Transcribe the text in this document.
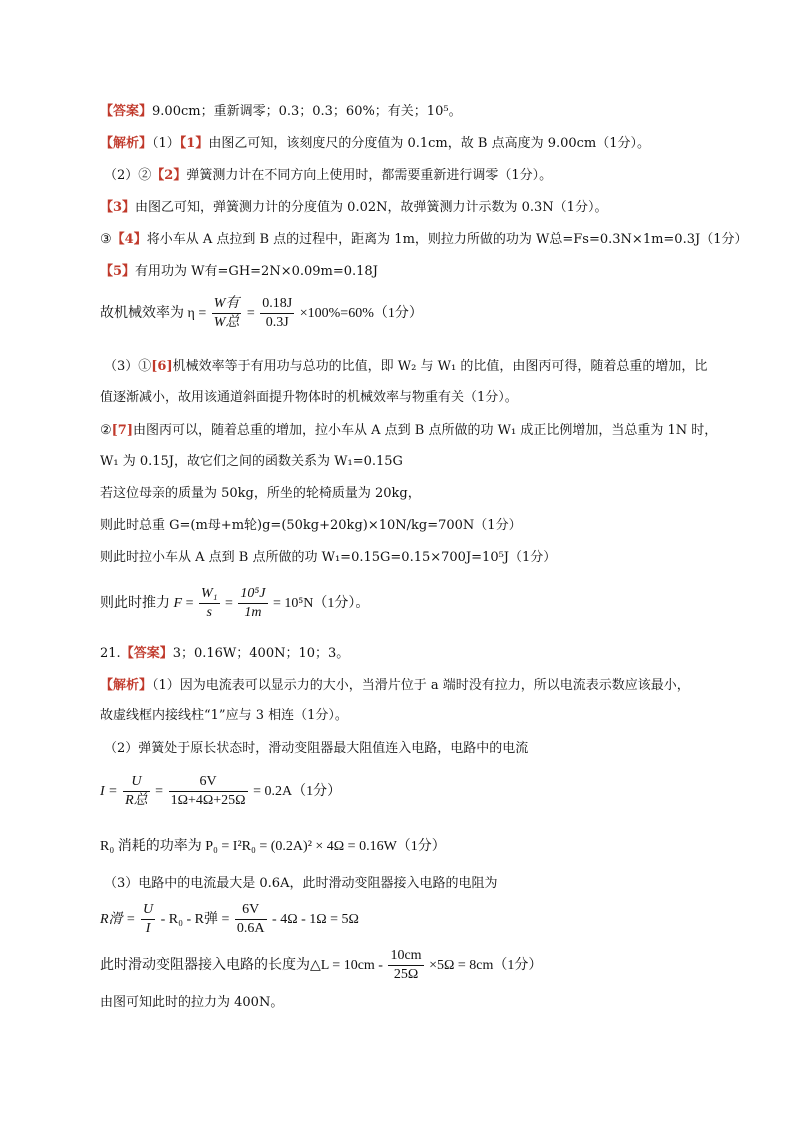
【答案】9.00cm；重新调零；0.3；0.3；60%；有关；10⁵。
【解析】（1）【1】由图乙可知，该刻度尺的分度值为 0.1cm，故 B 点高度为 9.00cm（1分）。
（2）②【2】弹簧测力计在不同方向上使用时，都需要重新进行调零（1分）。
【3】由图乙可知，弹簧测力计的分度值为 0.02N，故弹簧测力计示数为 0.3N（1分）。
③【4】将小车从 A 点拉到 B 点的过程中，距离为 1m，则拉力所做的功为 W总=Fs=0.3N×1m=0.3J（1分）
【5】有用功为 W有=GH=2N×0.09m=0.18J
故机械效率为 $\eta = \frac{\text{W有}}{\text{W总}} = \frac{0.18J}{0.3J} \times 100\%=60\%(1$分）
（3）①[6]机械效率等于有用功与总功的比值，即 W₂ 与 W₁ 的比值，由图丙可得，随着总重的增加，比
值逐渐减小，故用该通道斜面提升物体时的机械效率与物重有关（1分）。
②[7]由图丙可以，随着总重的增加，拉小车从 A 点到 B 点所做的功 W₁ 成正比例增加，当总重为 1N 时，
W₁ 为 0.15J，故它们之间的函数关系为 W₁=0.15G
若这位母亲的质量为 50kg，所坐的轮椅质量为 20kg，
则此时总重 G=(m母+m轮)g=(50kg+20kg)×10N/kg=700N（1分）
则此时拉小车从 A 点到 B 点所做的功 W₁=0.15G=0.15×700J=10⁵J（1分）
则此时推力 $F = \frac{\text{W₁}}{s} = \frac{\text{10⁵J}}{1m} = 10^5N(1$分）。
21.【答案】3；0.16W；400N；10；3。
【解析】（1）因为电流表可以显示力的大小，当滑片位于 a 端时没有拉力，所以电流表示数应该最小，
故虚线框内接线柱“1”应与 3 相连（1分）。
（2）弹簧处于原长状态时，滑动变阻器最大阻值连入电路，电路中的电流
$I = \frac{U}{\text{R总}} = \frac{6V}{1\Omega+4\Omega+25\Omega} = 0.2A(1$分）
R₀ 消耗的功率为 P₀ = I²R₀ = (0.2A)² × 4Ω = 0.16W（1分）
（3）电路中的电流最大是 0.6A，此时滑动变阻器接入电路的电阻为
R滑 = $\frac{U}{I} - R_0$ - R弹 = $\frac{6V}{0.6A} - 4\Omega - 1\Omega = 5\Omega$
此时滑动变阻器接入电路的长度为△L = $10cm - \frac{10cm}{25\Omega} \times 5\Omega = 8cm(1$分）
由图可知此时的拉力为 400N。
